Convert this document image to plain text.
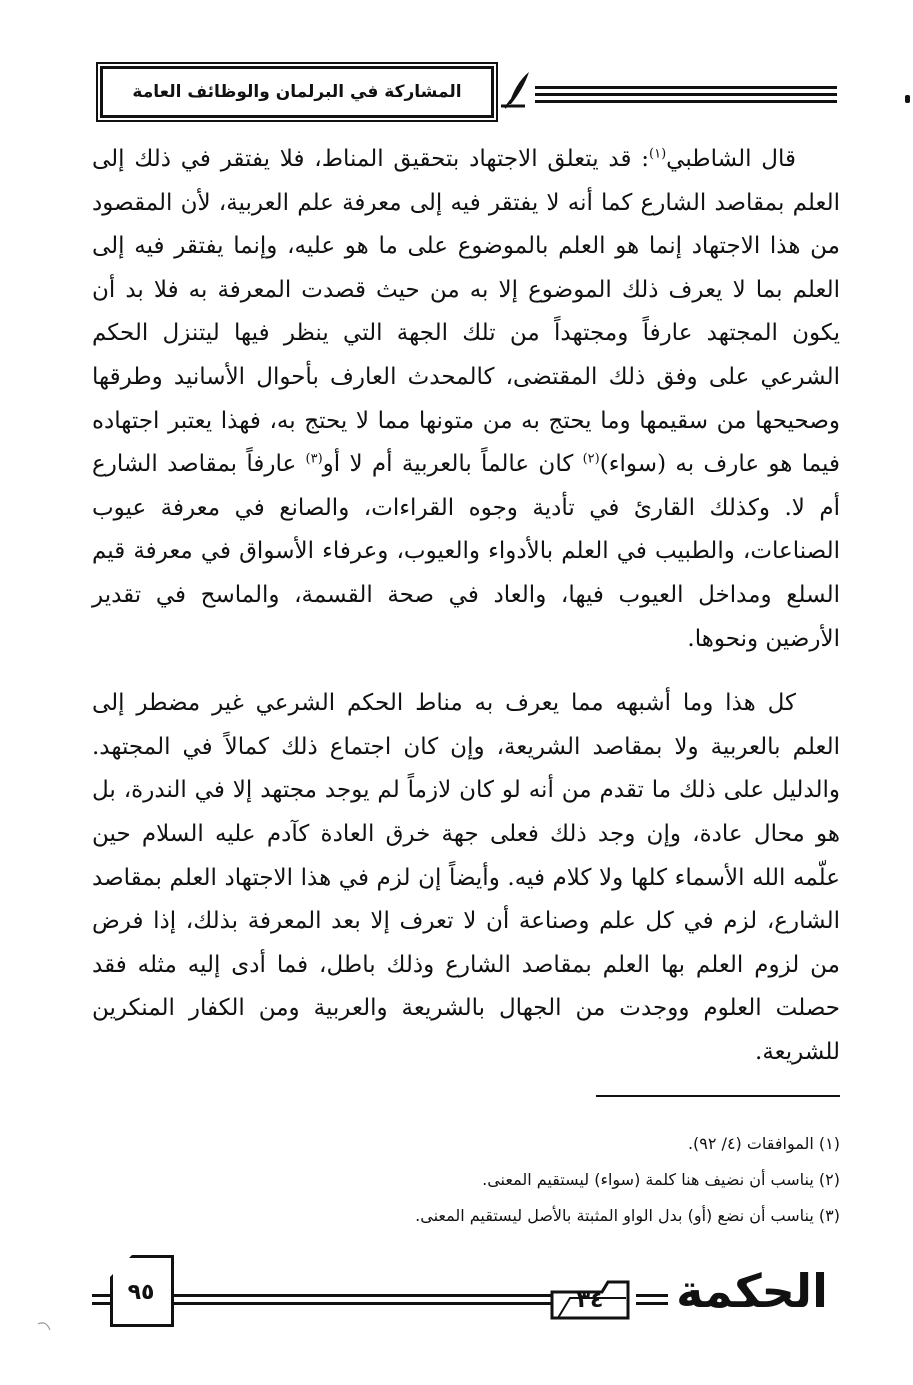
المشاركة في البرلمان والوظائف العامة

قال الشاطبي$^{(١)}$: قد يتعلق الاجتهاد بتحقيق المناط، فلا يفتقر في ذلك إلى العلم بمقاصد الشارع كما أنه لا يفتقر فيه إلى معرفة علم العربية، لأن المقصود من هذا الاجتهاد إنما هو العلم بالموضوع على ما هو عليه، وإنما يفتقر فيه إلى العلم بما لا يعرف ذلك الموضوع إلا به من حيث قصدت المعرفة به فلا بد أن يكون المجتهد عارفاً ومجتهداً من تلك الجهة التي ينظر فيها ليتنزل الحكم الشرعي على وفق ذلك المقتضى، كالمحدث العارف بأحوال الأسانيد وطرقها وصحيحها من سقيمها وما يحتج به من متونها مما لا يحتج به، فهذا يعتبر اجتهاده فيما هو عارف به (سواء)$^{(٢)}$ كان عالماً بالعربية أم لا أو$^{(٣)}$ عارفاً بمقاصد الشارع أم لا. وكذلك القارئ في تأدية وجوه القراءات، والصانع في معرفة عيوب الصناعات، والطبيب في العلم بالأدواء والعيوب، وعرفاء الأسواق في معرفة قيم السلع ومداخل العيوب فيها، والعاد في صحة القسمة، والماسح في تقدير الأرضين ونحوها.

كل هذا وما أشبهه مما يعرف به مناط الحكم الشرعي غير مضطر إلى العلم بالعربية ولا بمقاصد الشريعة، وإن كان اجتماع ذلك كمالاً في المجتهد. والدليل على ذلك ما تقدم من أنه لو كان لازماً لم يوجد مجتهد إلا في الندرة، بل هو محال عادة، وإن وجد ذلك فعلى جهة خرق العادة كآدم عليه السلام حين علّمه الله الأسماء كلها ولا كلام فيه. وأيضاً إن لزم في هذا الاجتهاد العلم بمقاصد الشارع، لزم في كل علم وصناعة أن لا تعرف إلا بعد المعرفة بذلك، إذا فرض من لزوم العلم بها العلم بمقاصد الشارع وذلك باطل، فما أدى إليه مثله فقد حصلت العلوم ووجدت من الجهال بالشريعة والعربية ومن الكفار المنكرين للشريعة.

(١) الموافقات (٤/ ٩٢).

(٢) يناسب أن نضيف هنا كلمة (سواء) ليستقيم المعنى.

(٣) يناسب أن نضع (أو) بدل الواو المثبتة بالأصل ليستقيم المعنى.

٩٥	٣٤	الحكمة
